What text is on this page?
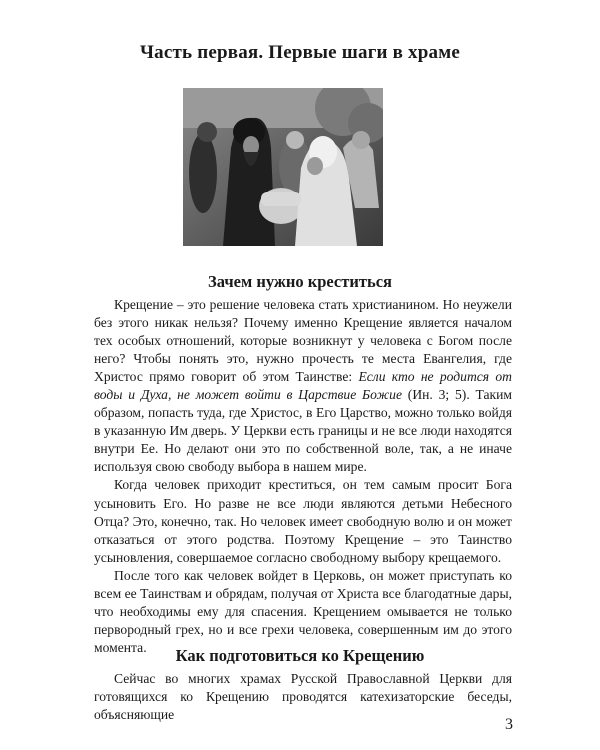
Часть первая. Первые шаги в храме
Зачем нужно креститься

Крещение – это решение человека стать христианином. Но неужели без этого никак нельзя? Почему именно Крещение является началом тех особых отношений, которые возникнут у человека с Богом после него? Чтобы понять это, нужно прочесть те места Евангелия, где Христос прямо говорит об этом Таинстве: Если кто не родится от воды и Духа, не может войти в Царствие Божие (Ин. 3; 5). Таким образом, попасть туда, где Христос, в Его Царство, можно только войдя в указанную Им дверь. У Церкви есть границы и не все люди находятся внутри Ее. Но делают они это по собственной воле, так, а не иначе используя свою свободу выбора в нашем мире.

Когда человек приходит креститься, он тем самым просит Бога усыновить Его. Но разве не все люди являются детьми Небесного Отца? Это, конечно, так. Но человек имеет свободную волю и он может отказаться от этого родства. Поэтому Крещение – это Таинство усыновления, совершаемое согласно свободному выбору крещаемого.

После того как человек войдет в Церковь, он может приступать ко всем ее Таинствам и обрядам, получая от Христа все благодатные дары, что необходимы ему для спасения. Крещением омывается не только первородный грех, но и все грехи человека, совершенным им до этого момента.	Как подготовиться ко Крещению

Сейчас во многих храмах Русской Православной Церкви для готовящихся ко Крещению проводятся катехизаторские беседы, объясняющие

3
